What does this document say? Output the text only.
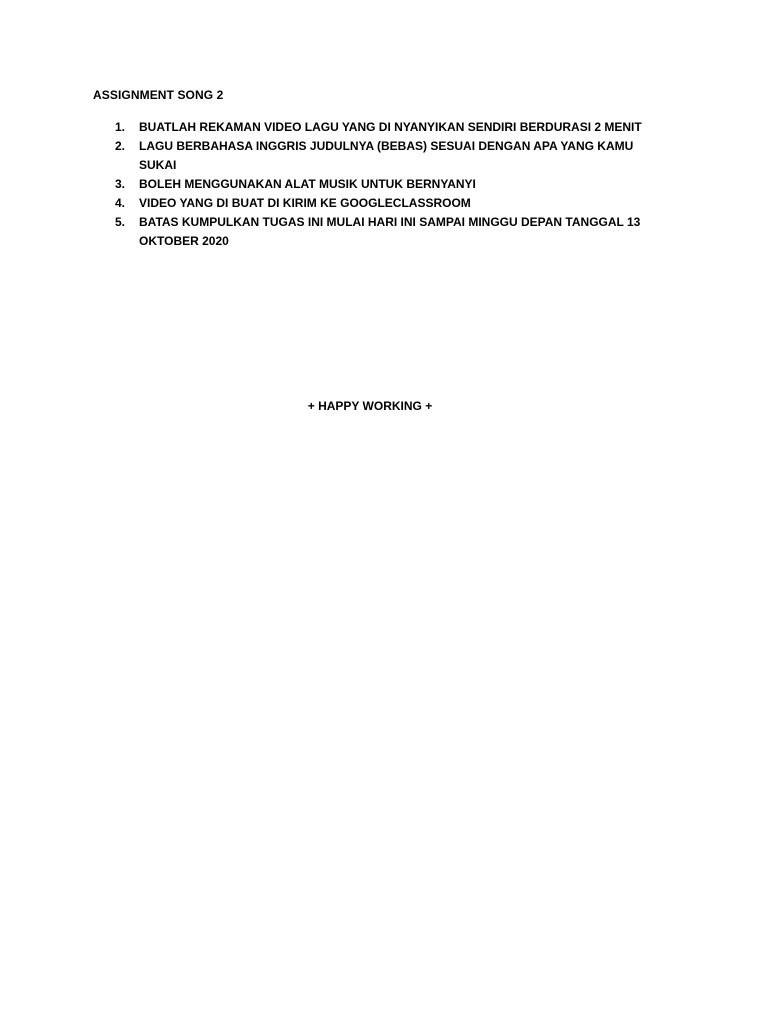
ASSIGNMENT SONG 2

1. BUATLAH REKAMAN VIDEO LAGU YANG DI NYANYIKAN SENDIRI BERDURASI 2 MENIT
2. LAGU BERBAHASA INGGRIS JUDULNYA (BEBAS) SESUAI DENGAN APA YANG KAMU SUKAI
3. BOLEH MENGGUNAKAN ALAT MUSIK UNTUK BERNYANYI
4. VIDEO YANG DI BUAT DI KIRIM KE GOOGLECLASSROOM
5. BATAS KUMPULKAN TUGAS INI MULAI HARI INI SAMPAI MINGGU DEPAN TANGGAL 13 OKTOBER 2020
+ HAPPY WORKING +
